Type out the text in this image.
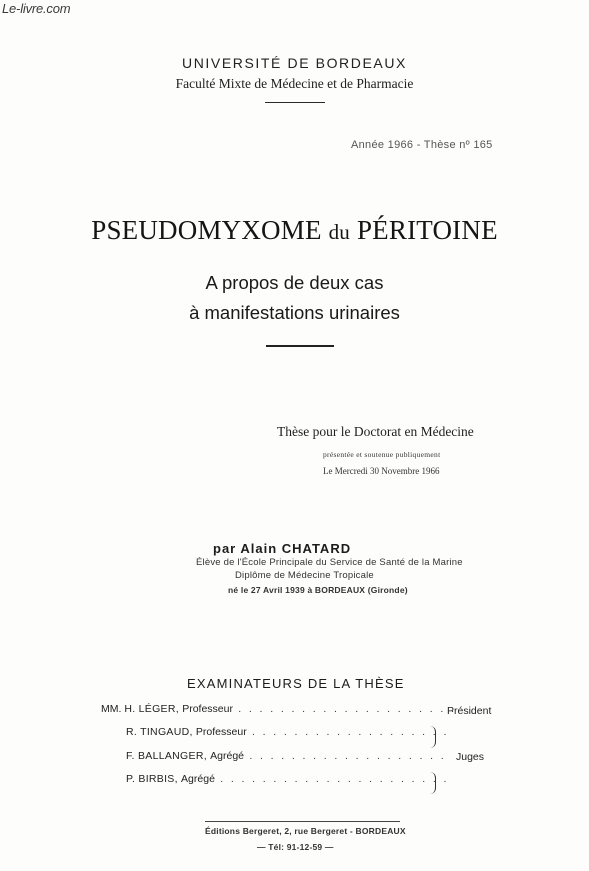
Le-livre.com
UNIVERSITÉ DE BORDEAUX
Faculté Mixte de Médecine et de Pharmacie
Année 1966 - Thèse nº 165
PSEUDOMYXOME du PÉRITOINE
A propos de deux cas
à manifestations urinaires
Thèse pour le Doctorat en Médecine
présentée et soutenue publiquement
Le Mercredi 30 Novembre 1966
par Alain CHATARD
Élève de l'École Principale du Service de Santé de la Marine
Diplôme de Médecine Tropicale
né le 27 Avril 1939 à BORDEAUX (Gironde)
EXAMINATEURS DE LA THÈSE
MM. H. LÉGER, Professeur . . . . . . . . . . . . . . . . . . . . .
R. TINGAUD, Professeur . . . . . . . . . . . . . . . . . . .
F. BALLANGER, Agrégé . . . . . . . . . . . . . . . . . . .
P. BIRBIS, Agrégé . . . . . . . . . . . . . . . . . . . . . .
Président
Juges
Éditions Bergeret, 2, rue Bergeret - BORDEAUX
— Tél: 91-12-59 —
